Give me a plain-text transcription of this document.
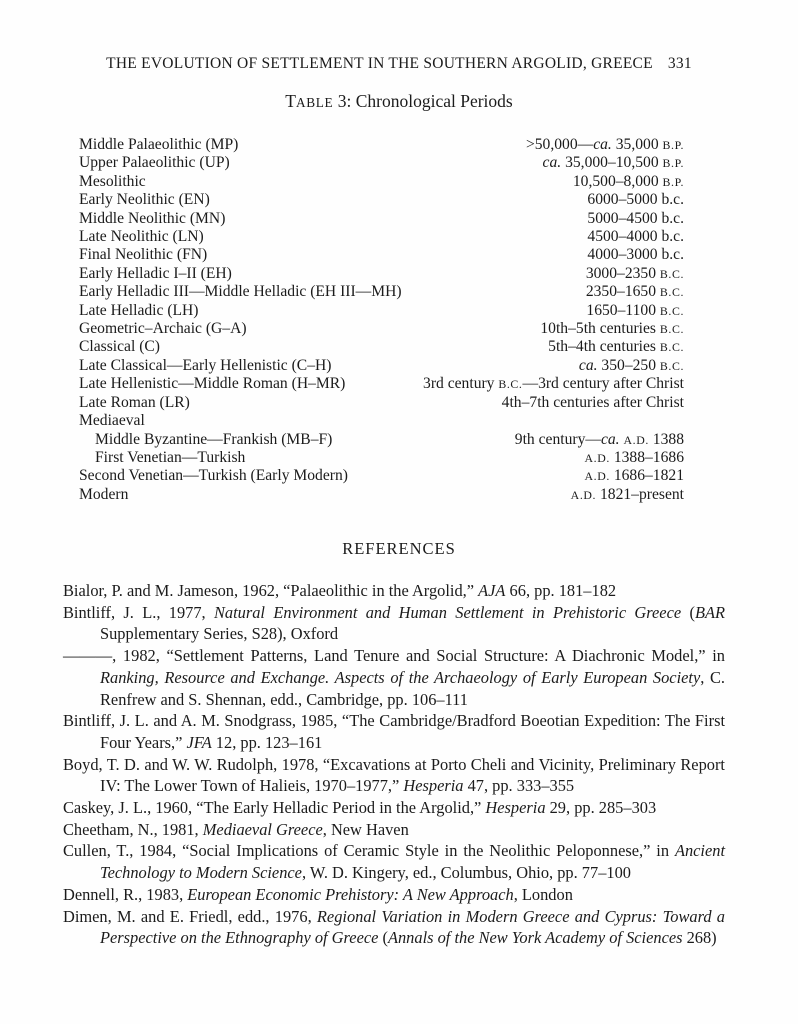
THE EVOLUTION OF SETTLEMENT IN THE SOUTHERN ARGOLID, GREECE 331
TABLE 3: Chronological Periods
Middle Palaeolithic (MP)	>50,000—ca. 35,000 B.P.
Upper Palaeolithic (UP)	ca. 35,000–10,500 B.P.
Mesolithic	10,500–8,000 B.P.
Early Neolithic (EN)	6000–5000 b.c.
Middle Neolithic (MN)	5000–4500 b.c.
Late Neolithic (LN)	4500–4000 b.c.
Final Neolithic (FN)	4000–3000 b.c.
Early Helladic I–II (EH)	3000–2350 B.C.
Early Helladic III—Middle Helladic (EH III—MH)	2350–1650 B.C.
Late Helladic (LH)	1650–1100 B.C.
Geometric–Archaic (G–A)	10th–5th centuries B.C.
Classical (C)	5th–4th centuries B.C.
Late Classical—Early Hellenistic (C–H)	ca. 350–250 B.C.
Late Hellenistic—Middle Roman (H–MR)	3rd century B.C.—3rd century after Christ
Late Roman (LR)	4th–7th centuries after Christ
Mediaeval
Middle Byzantine—Frankish (MB–F)	9th century—ca. A.D. 1388
First Venetian—Turkish	A.D. 1388–1686
Second Venetian—Turkish (Early Modern)	A.D. 1686–1821
Modern	A.D. 1821–present
REFERENCES

Bialor, P. and M. Jameson, 1962, “Palaeolithic in the Argolid,” AJA 66, pp. 181–182

Bintliff, J. L., 1977, Natural Environment and Human Settlement in Prehistoric Greece (BAR Supplementary Series, S28), Oxford

———, 1982, “Settlement Patterns, Land Tenure and Social Structure: A Diachronic Model,” in Ranking, Resource and Exchange. Aspects of the Archaeology of Early European Society, C. Renfrew and S. Shennan, edd., Cambridge, pp. 106–111

Bintliff, J. L. and A. M. Snodgrass, 1985, “The Cambridge/Bradford Boeotian Expedition: The First Four Years,” JFA 12, pp. 123–161

Boyd, T. D. and W. W. Rudolph, 1978, “Excavations at Porto Cheli and Vicinity, Preliminary Report IV: The Lower Town of Halieis, 1970–1977,” Hesperia 47, pp. 333–355

Caskey, J. L., 1960, “The Early Helladic Period in the Argolid,” Hesperia 29, pp. 285–303

Cheetham, N., 1981, Mediaeval Greece, New Haven

Cullen, T., 1984, “Social Implications of Ceramic Style in the Neolithic Peloponnese,” in Ancient Technology to Modern Science, W. D. Kingery, ed., Columbus, Ohio, pp. 77–100

Dennell, R., 1983, European Economic Prehistory: A New Approach, London

Dimen, M. and E. Friedl, edd., 1976, Regional Variation in Modern Greece and Cyprus: Toward a Perspective on the Ethnography of Greece (Annals of the New York Academy of Sciences 268)
